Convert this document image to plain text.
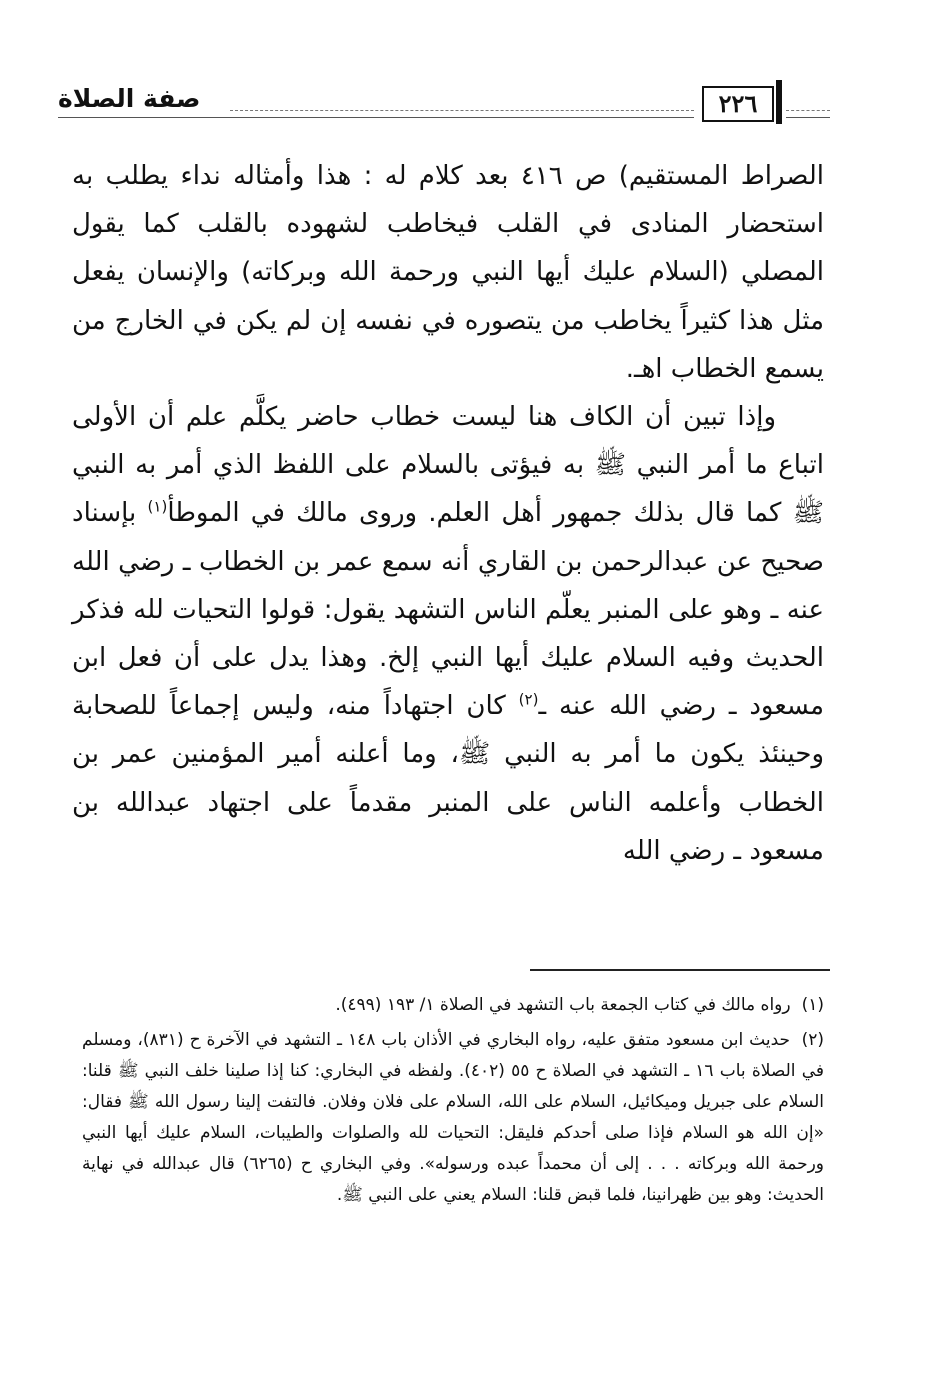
صفة الصلاة	٢٢٦

الصراط المستقيم) ص ٤١٦ بعد كلام له : هذا وأمثاله نداء يطلب به استحضار المنادى في القلب فيخاطب لشهوده بالقلب كما يقول المصلي (السلام عليك أيها النبي ورحمة الله وبركاته) والإنسان يفعل مثل هذا كثيراً يخاطب من يتصوره في نفسه إن لم يكن في الخارج من يسمع الخطاب اهـ.

وإذا تبين أن الكاف هنا ليست خطاب حاضر يكلَّم علم أن الأولى اتباع ما أمر النبي ﷺ به فيؤتى بالسلام على اللفظ الذي أمر به النبي ﷺ كما قال بذلك جمهور أهل العلم. وروى مالك في الموطأ$^{(١)}$ بإسناد صحيح عن عبدالرحمن بن القاري أنه سمع عمر بن الخطاب ـ رضي الله عنه ـ وهو على المنبر يعلّم الناس التشهد يقول: قولوا التحيات لله فذكر الحديث وفيه السلام عليك أيها النبي إلخ. وهذا يدل على أن فعل ابن مسعود ـ رضي الله عنه ـ$^{(٢)}$ كان اجتهاداً منه، وليس إجماعاً للصحابة وحينئذ يكون ما أمر به النبي ﷺ، وما أعلنه أمير المؤمنين عمر بن الخطاب وأعلمه الناس على المنبر مقدماً على اجتهاد عبدالله بن مسعود ـ رضي الله

(١) رواه مالك في كتاب الجمعة باب التشهد في الصلاة ١/ ١٩٣ (٤٩٩).

(٢) حديث ابن مسعود متفق عليه، رواه البخاري في الأذان باب ١٤٨ ـ التشهد في الآخرة ح (٨٣١)، ومسلم في الصلاة باب ١٦ ـ التشهد في الصلاة ح ٥٥ (٤٠٢). ولفظه في البخاري: كنا إذا صلينا خلف النبي ﷺ قلنا: السلام على جبريل وميكائيل، السلام على الله، السلام على فلان وفلان. فالتفت إلينا رسول الله ﷺ فقال: «إن الله هو السلام فإذا صلى أحدكم فليقل: التحيات لله والصلوات والطيبات، السلام عليك أيها النبي ورحمة الله وبركاته . . . إلى أن محمداً عبده ورسوله». وفي البخاري ح (٦٢٦٥) قال عبدالله في نهاية الحديث: وهو بين ظهرانينا، فلما قبض قلنا: السلام يعني على النبي ﷺ.
